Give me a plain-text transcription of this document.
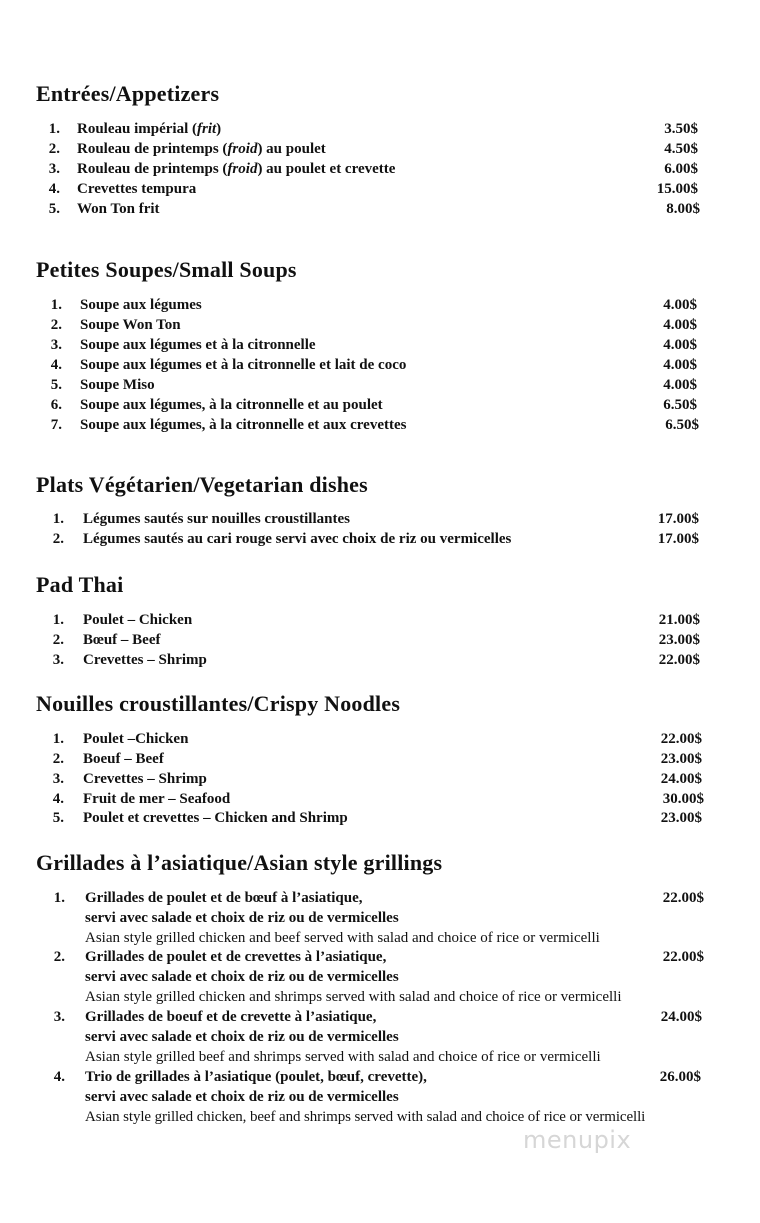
Entrées/Appetizers
1. Rouleau impérial (frit)	3.50$
2. Rouleau de printemps (froid) au poulet	4.50$
3. Rouleau de printemps (froid) au poulet et crevette	6.00$
4. Crevettes tempura	15.00$
5. Won Ton frit	8.00$
Petites Soupes/Small Soups
1. Soupe aux légumes	4.00$
2. Soupe Won Ton	4.00$
3. Soupe aux légumes et à la citronnelle	4.00$
4. Soupe aux légumes et à la citronnelle et lait de coco	4.00$
5. Soupe Miso	4.00$
6. Soupe aux légumes, à la citronnelle et au poulet	6.50$
7. Soupe aux légumes, à la citronnelle et aux crevettes	6.50$
Plats Végétarien/Vegetarian dishes
1. Légumes sautés sur nouilles croustillantes	17.00$
2. Légumes sautés au cari rouge servi avec choix de riz ou vermicelles	17.00$
Pad Thai
1. Poulet – Chicken	21.00$
2. Bœuf – Beef	23.00$
3. Crevettes – Shrimp	22.00$
Nouilles croustillantes/Crispy Noodles
1. Poulet –Chicken	22.00$
2. Boeuf – Beef	23.00$
3. Crevettes – Shrimp	24.00$
4. Fruit de mer – Seafood	30.00$
5. Poulet et crevettes – Chicken and Shrimp	23.00$
Grillades à l’asiatique/Asian style grillings
1. Grillades de poulet et de bœuf à l’asiatique,	22.00$
servi avec salade et choix de riz ou de vermicelles
Asian style grilled chicken and beef served with salad and choice of rice or vermicelli
2. Grillades de poulet et de crevettes à l’asiatique,	22.00$
servi avec salade et choix de riz ou de vermicelles
Asian style grilled chicken and shrimps served with salad and choice of rice or vermicelli
3. Grillades de boeuf et de crevette à l’asiatique,	24.00$
servi avec salade et choix de riz ou de vermicelles
Asian style grilled beef and shrimps served with salad and choice of rice or vermicelli
4. Trio de grillades à l’asiatique (poulet, bœuf, crevette),	26.00$
servi avec salade et choix de riz ou de vermicelles
Asian style grilled chicken, beef and shrimps served with salad and choice of rice or vermicelli
menupix
